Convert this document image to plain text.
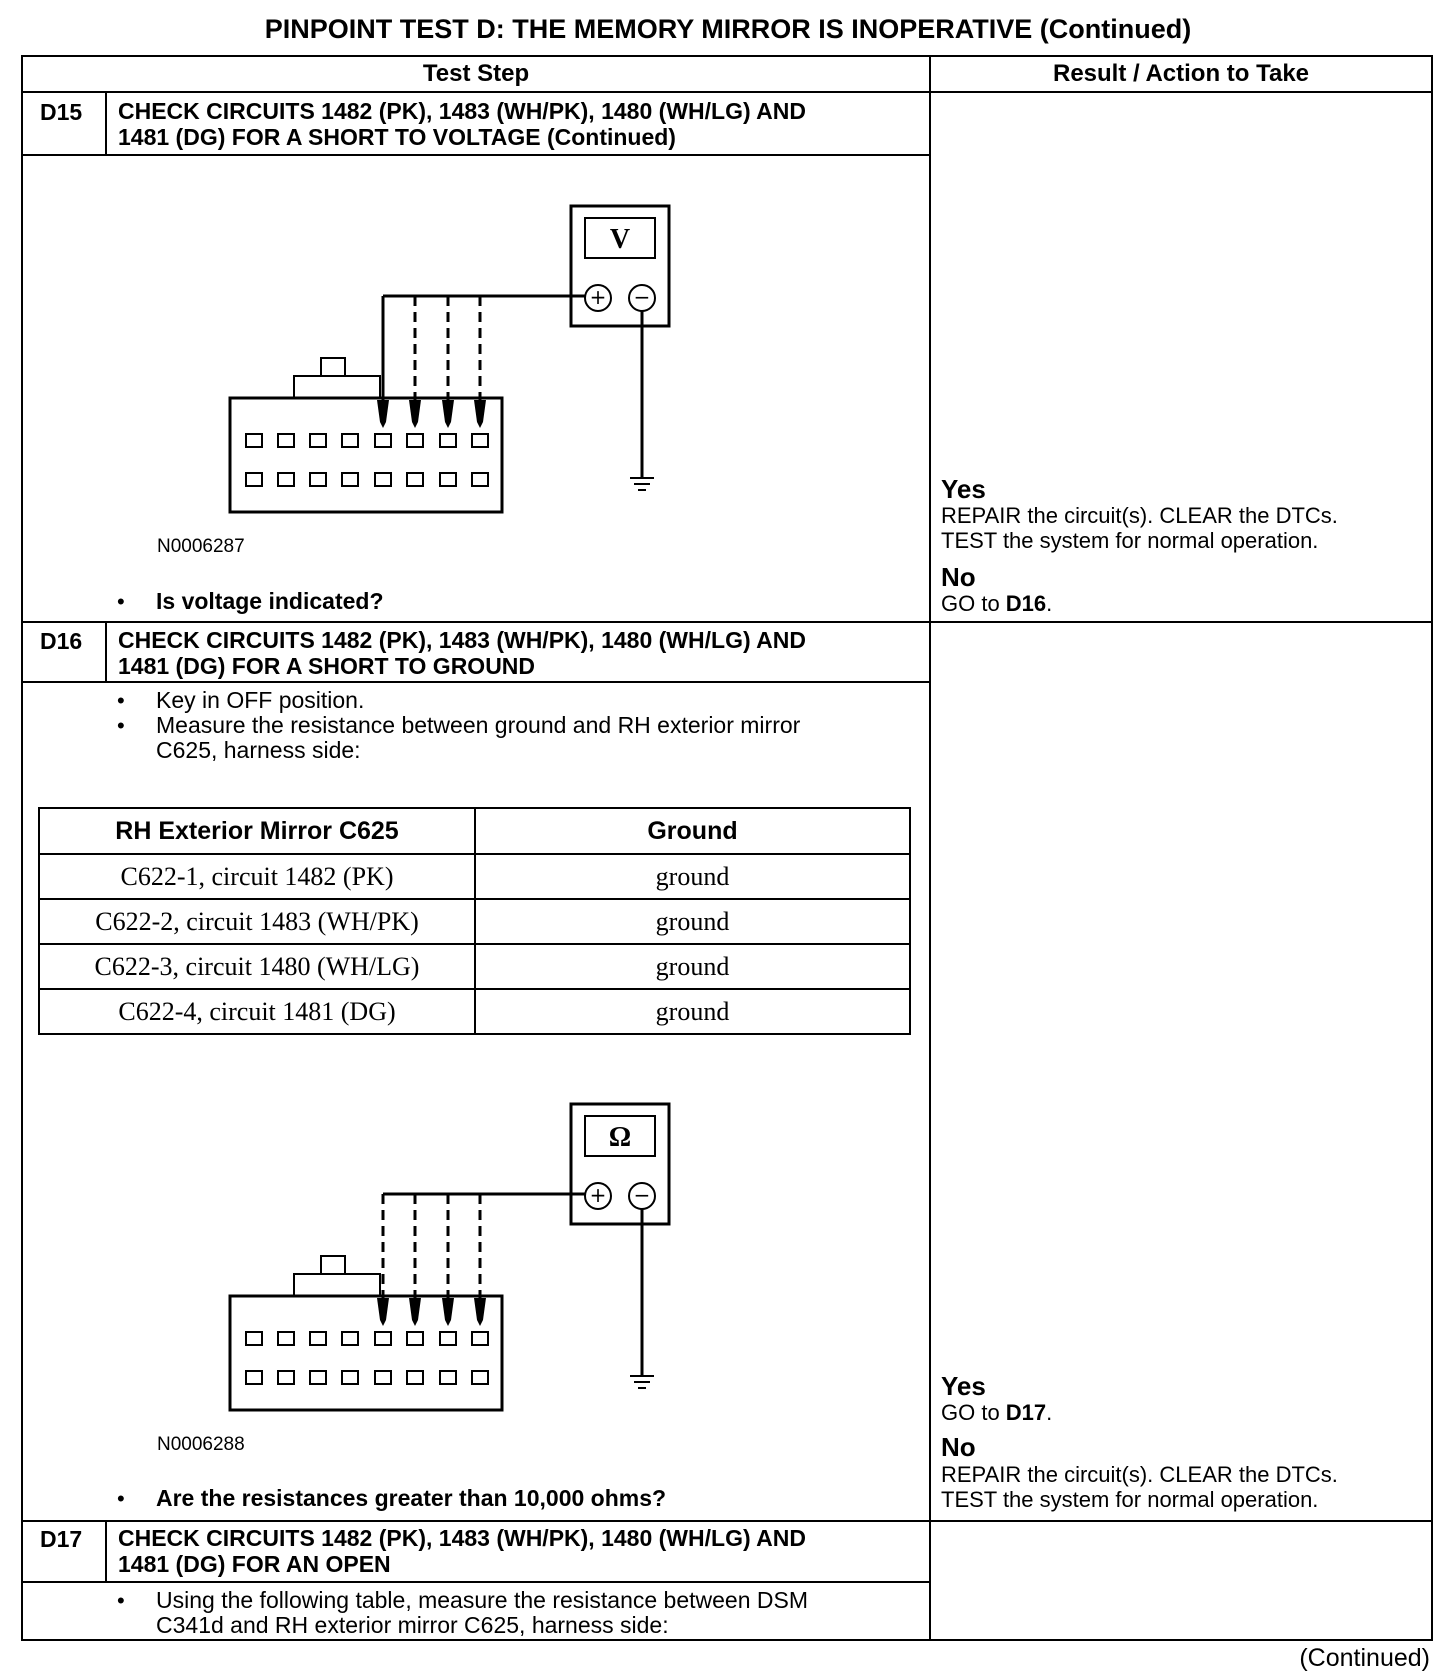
PINPOINT TEST D: THE MEMORY MIRROR IS INOPERATIVE (Continued)
Test Step	Result / Action to Take
D15 CHECK CIRCUITS 1482 (PK), 1483 (WH/PK), 1480 (WH/LG) AND
1481 (DG) FOR A SHORT TO VOLTAGE (Continued)
+ −
V
N0006287
• Is voltage indicated?
Yes
REPAIR the circuit(s). CLEAR the DTCs.
TEST the system for normal operation.
No
GO to D16.
D16 CHECK CIRCUITS 1482 (PK), 1483 (WH/PK), 1480 (WH/LG) AND
1481 (DG) FOR A SHORT TO GROUND
• Key in OFF position.
• Measure the resistance between ground and RH exterior mirror
C625, harness side:
RH Exterior Mirror C625	Ground
C622-1, circuit 1482 (PK)	ground
C622-2, circuit 1483 (WH/PK)	ground
C622-3, circuit 1480 (WH/LG)	ground
C622-4, circuit 1481 (DG)	ground
+ −
Ω
N0006288
• Are the resistances greater than 10,000 ohms?
Yes
GO to D17.
No
REPAIR the circuit(s). CLEAR the DTCs.
TEST the system for normal operation.
D17 CHECK CIRCUITS 1482 (PK), 1483 (WH/PK), 1480 (WH/LG) AND
1481 (DG) FOR AN OPEN
• Using the following table, measure the resistance between DSM
C341d and RH exterior mirror C625, harness side:
(Continued)
